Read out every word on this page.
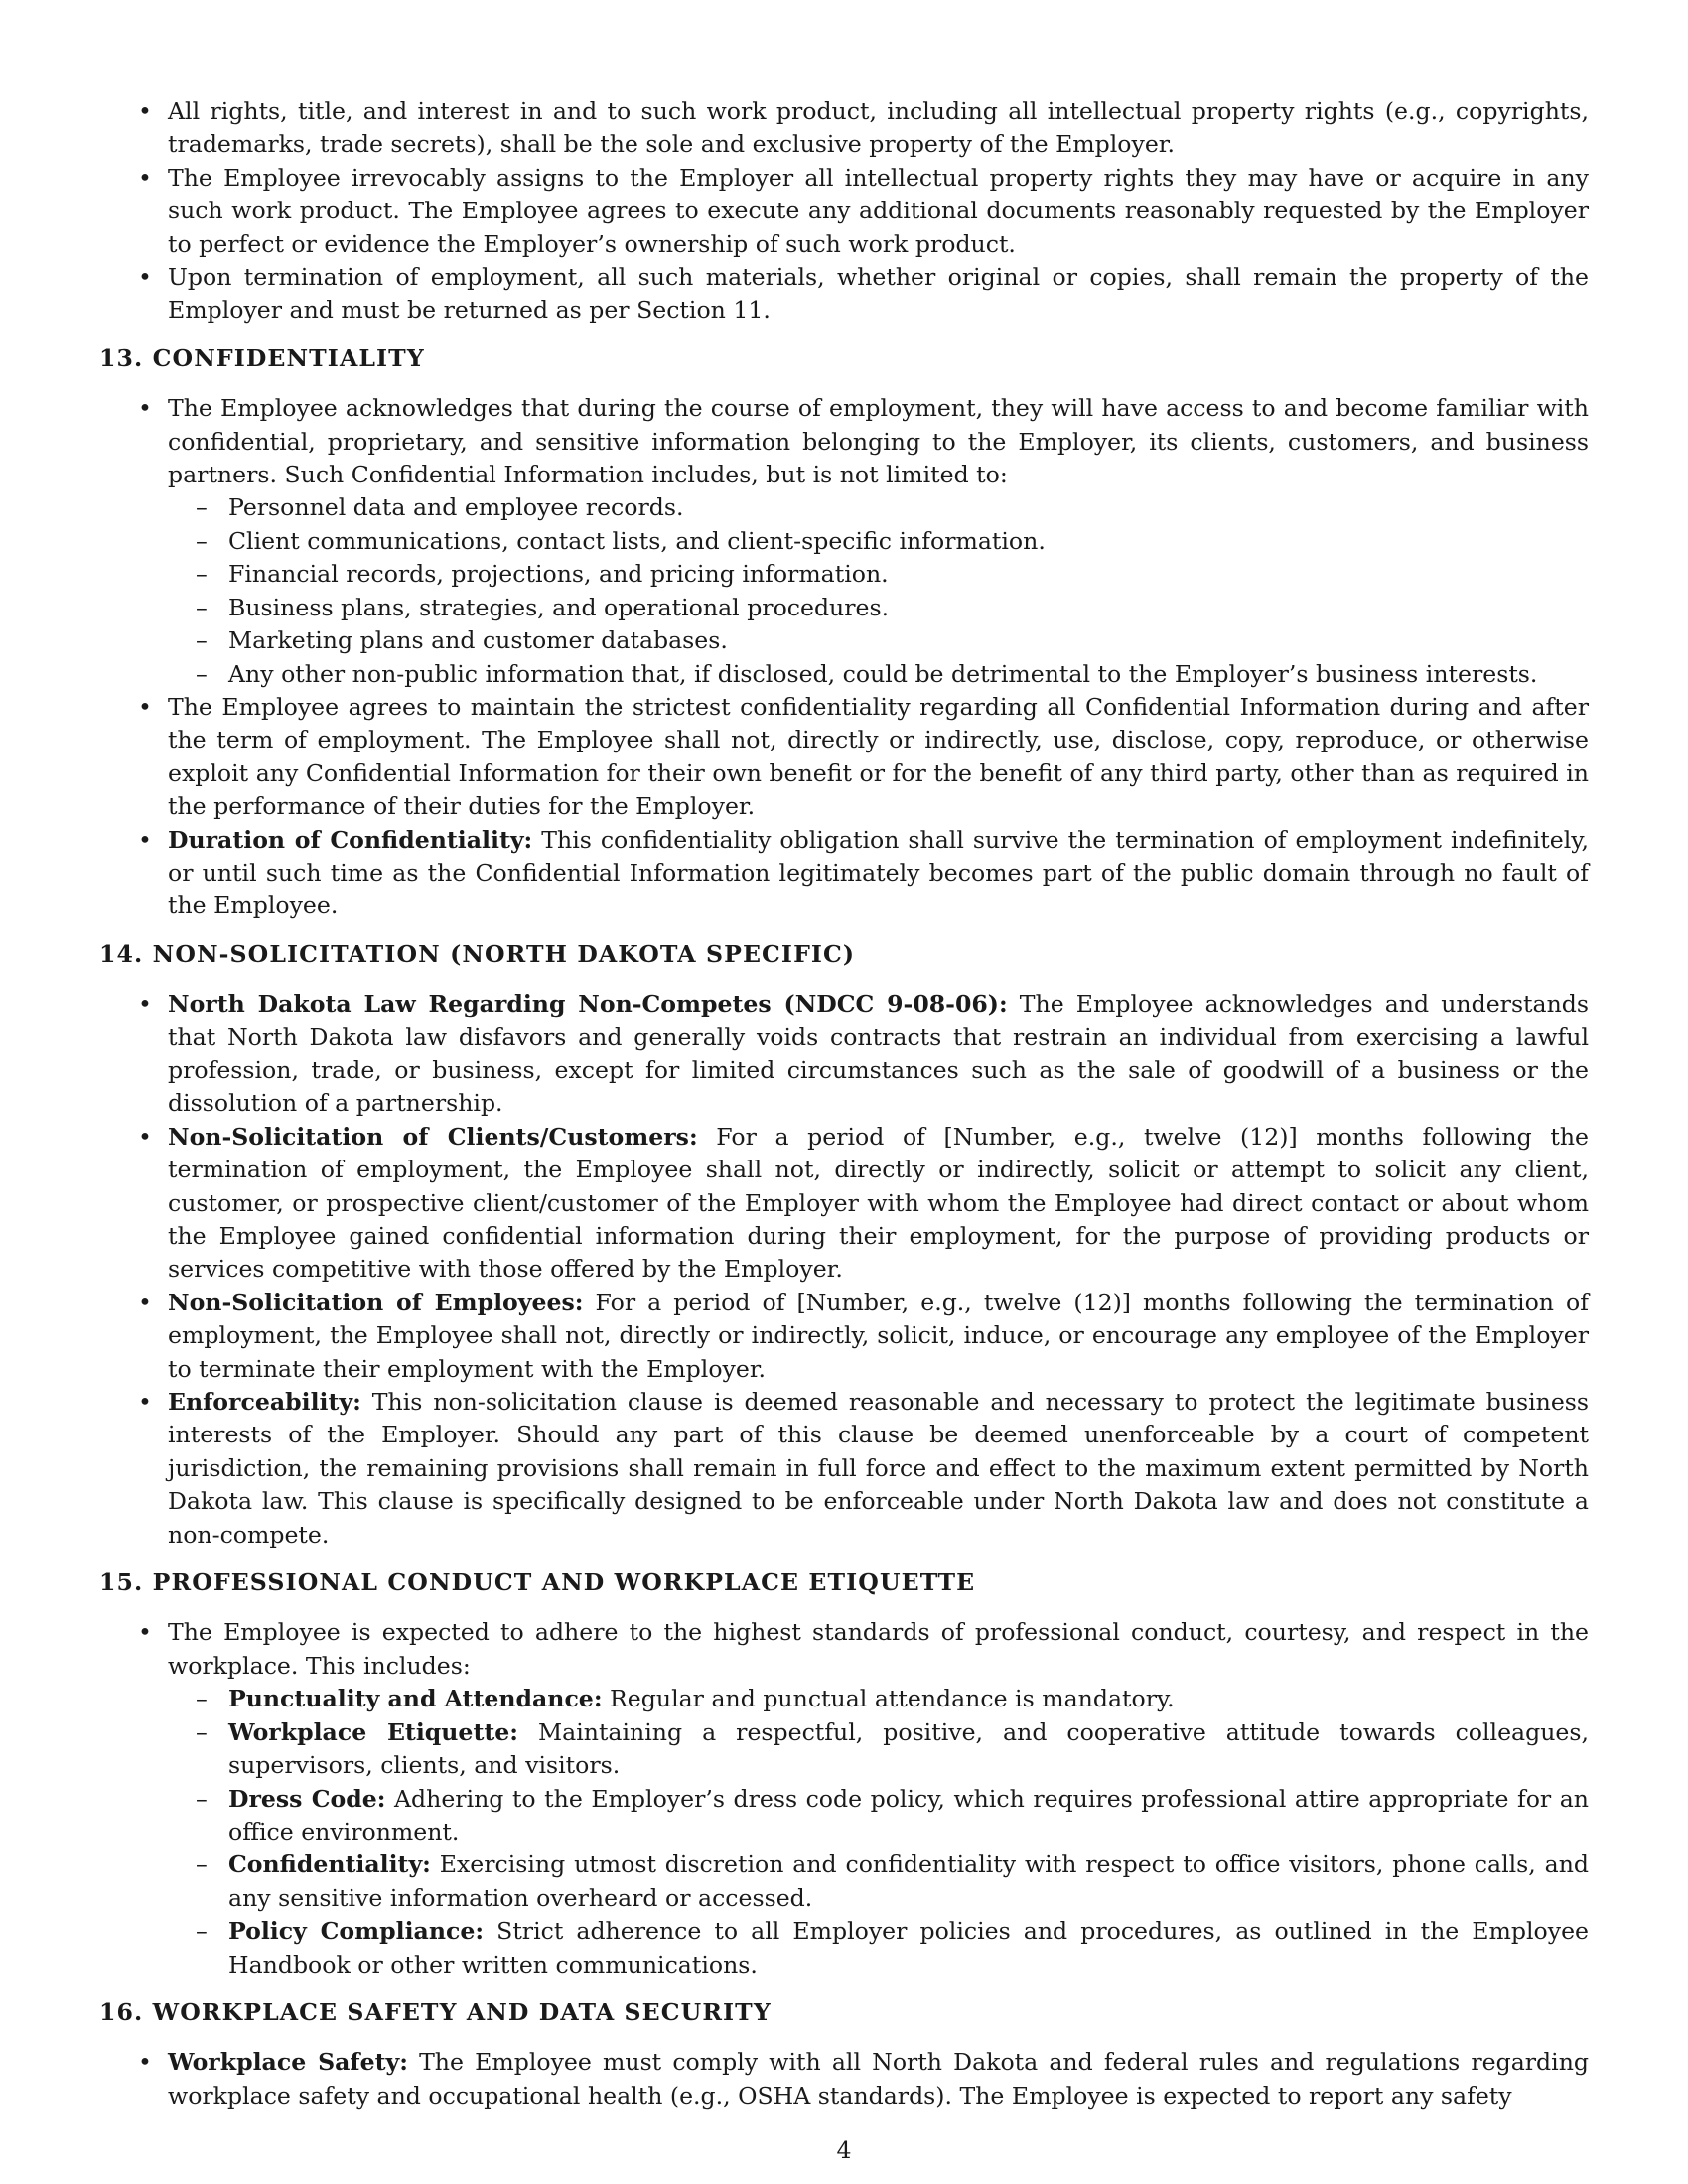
• All rights, title, and interest in and to such work product, including all intellectual property rights (e.g., copyrights, trademarks, trade secrets), shall be the sole and exclusive property of the Employer.
• The Employee irrevocably assigns to the Employer all intellectual property rights they may have or acquire in any such work product. The Employee agrees to execute any additional documents reasonably requested by the Employer to perfect or evidence the Employer’s ownership of such work product.
• Upon termination of employment, all such materials, whether original or copies, shall remain the property of the Employer and must be returned as per Section 11.
13. CONFIDENTIALITY
• The Employee acknowledges that during the course of employment, they will have access to and become familiar with confidential, proprietary, and sensitive information belonging to the Employer, its clients, customers, and business partners. Such Confidential Information includes, but is not limited to:
– Personnel data and employee records.
– Client communications, contact lists, and client-specific information.
– Financial records, projections, and pricing information.
– Business plans, strategies, and operational procedures.
– Marketing plans and customer databases.
– Any other non-public information that, if disclosed, could be detrimental to the Employer’s business interests.
• The Employee agrees to maintain the strictest confidentiality regarding all Confidential Information during and after the term of employment. The Employee shall not, directly or indirectly, use, disclose, copy, reproduce, or otherwise exploit any Confidential Information for their own benefit or for the benefit of any third party, other than as required in the performance of their duties for the Employer.
• Duration of Confidentiality: This confidentiality obligation shall survive the termination of employment indefinitely, or until such time as the Confidential Information legitimately becomes part of the public domain through no fault of the Employee.
14. NON-SOLICITATION (NORTH DAKOTA SPECIFIC)
• North Dakota Law Regarding Non-Competes (NDCC 9-08-06): The Employee acknowledges and understands that North Dakota law disfavors and generally voids contracts that restrain an individual from exercising a lawful profession, trade, or business, except for limited circumstances such as the sale of goodwill of a business or the dissolution of a partnership.
• Non-Solicitation of Clients/Customers: For a period of [Number, e.g., twelve (12)] months following the termination of employment, the Employee shall not, directly or indirectly, solicit or attempt to solicit any client, customer, or prospective client/customer of the Employer with whom the Employee had direct contact or about whom the Employee gained confidential information during their employment, for the purpose of providing products or services competitive with those offered by the Employer.
• Non-Solicitation of Employees: For a period of [Number, e.g., twelve (12)] months following the termination of employment, the Employee shall not, directly or indirectly, solicit, induce, or encourage any employee of the Employer to terminate their employment with the Employer.
• Enforceability: This non-solicitation clause is deemed reasonable and necessary to protect the legitimate business interests of the Employer. Should any part of this clause be deemed unenforceable by a court of competent jurisdiction, the remaining provisions shall remain in full force and effect to the maximum extent permitted by North Dakota law. This clause is specifically designed to be enforceable under North Dakota law and does not constitute a non-compete.
15. PROFESSIONAL CONDUCT AND WORKPLACE ETIQUETTE
• The Employee is expected to adhere to the highest standards of professional conduct, courtesy, and respect in the workplace. This includes:
– Punctuality and Attendance: Regular and punctual attendance is mandatory.
– Workplace Etiquette: Maintaining a respectful, positive, and cooperative attitude towards colleagues, supervisors, clients, and visitors.
– Dress Code: Adhering to the Employer’s dress code policy, which requires professional attire appropriate for an office environment.
– Confidentiality: Exercising utmost discretion and confidentiality with respect to office visitors, phone calls, and any sensitive information overheard or accessed.
– Policy Compliance: Strict adherence to all Employer policies and procedures, as outlined in the Employee Handbook or other written communications.
16. WORKPLACE SAFETY AND DATA SECURITY
• Workplace Safety: The Employee must comply with all North Dakota and federal rules and regulations regarding workplace safety and occupational health (e.g., OSHA standards). The Employee is expected to report any safety
4
